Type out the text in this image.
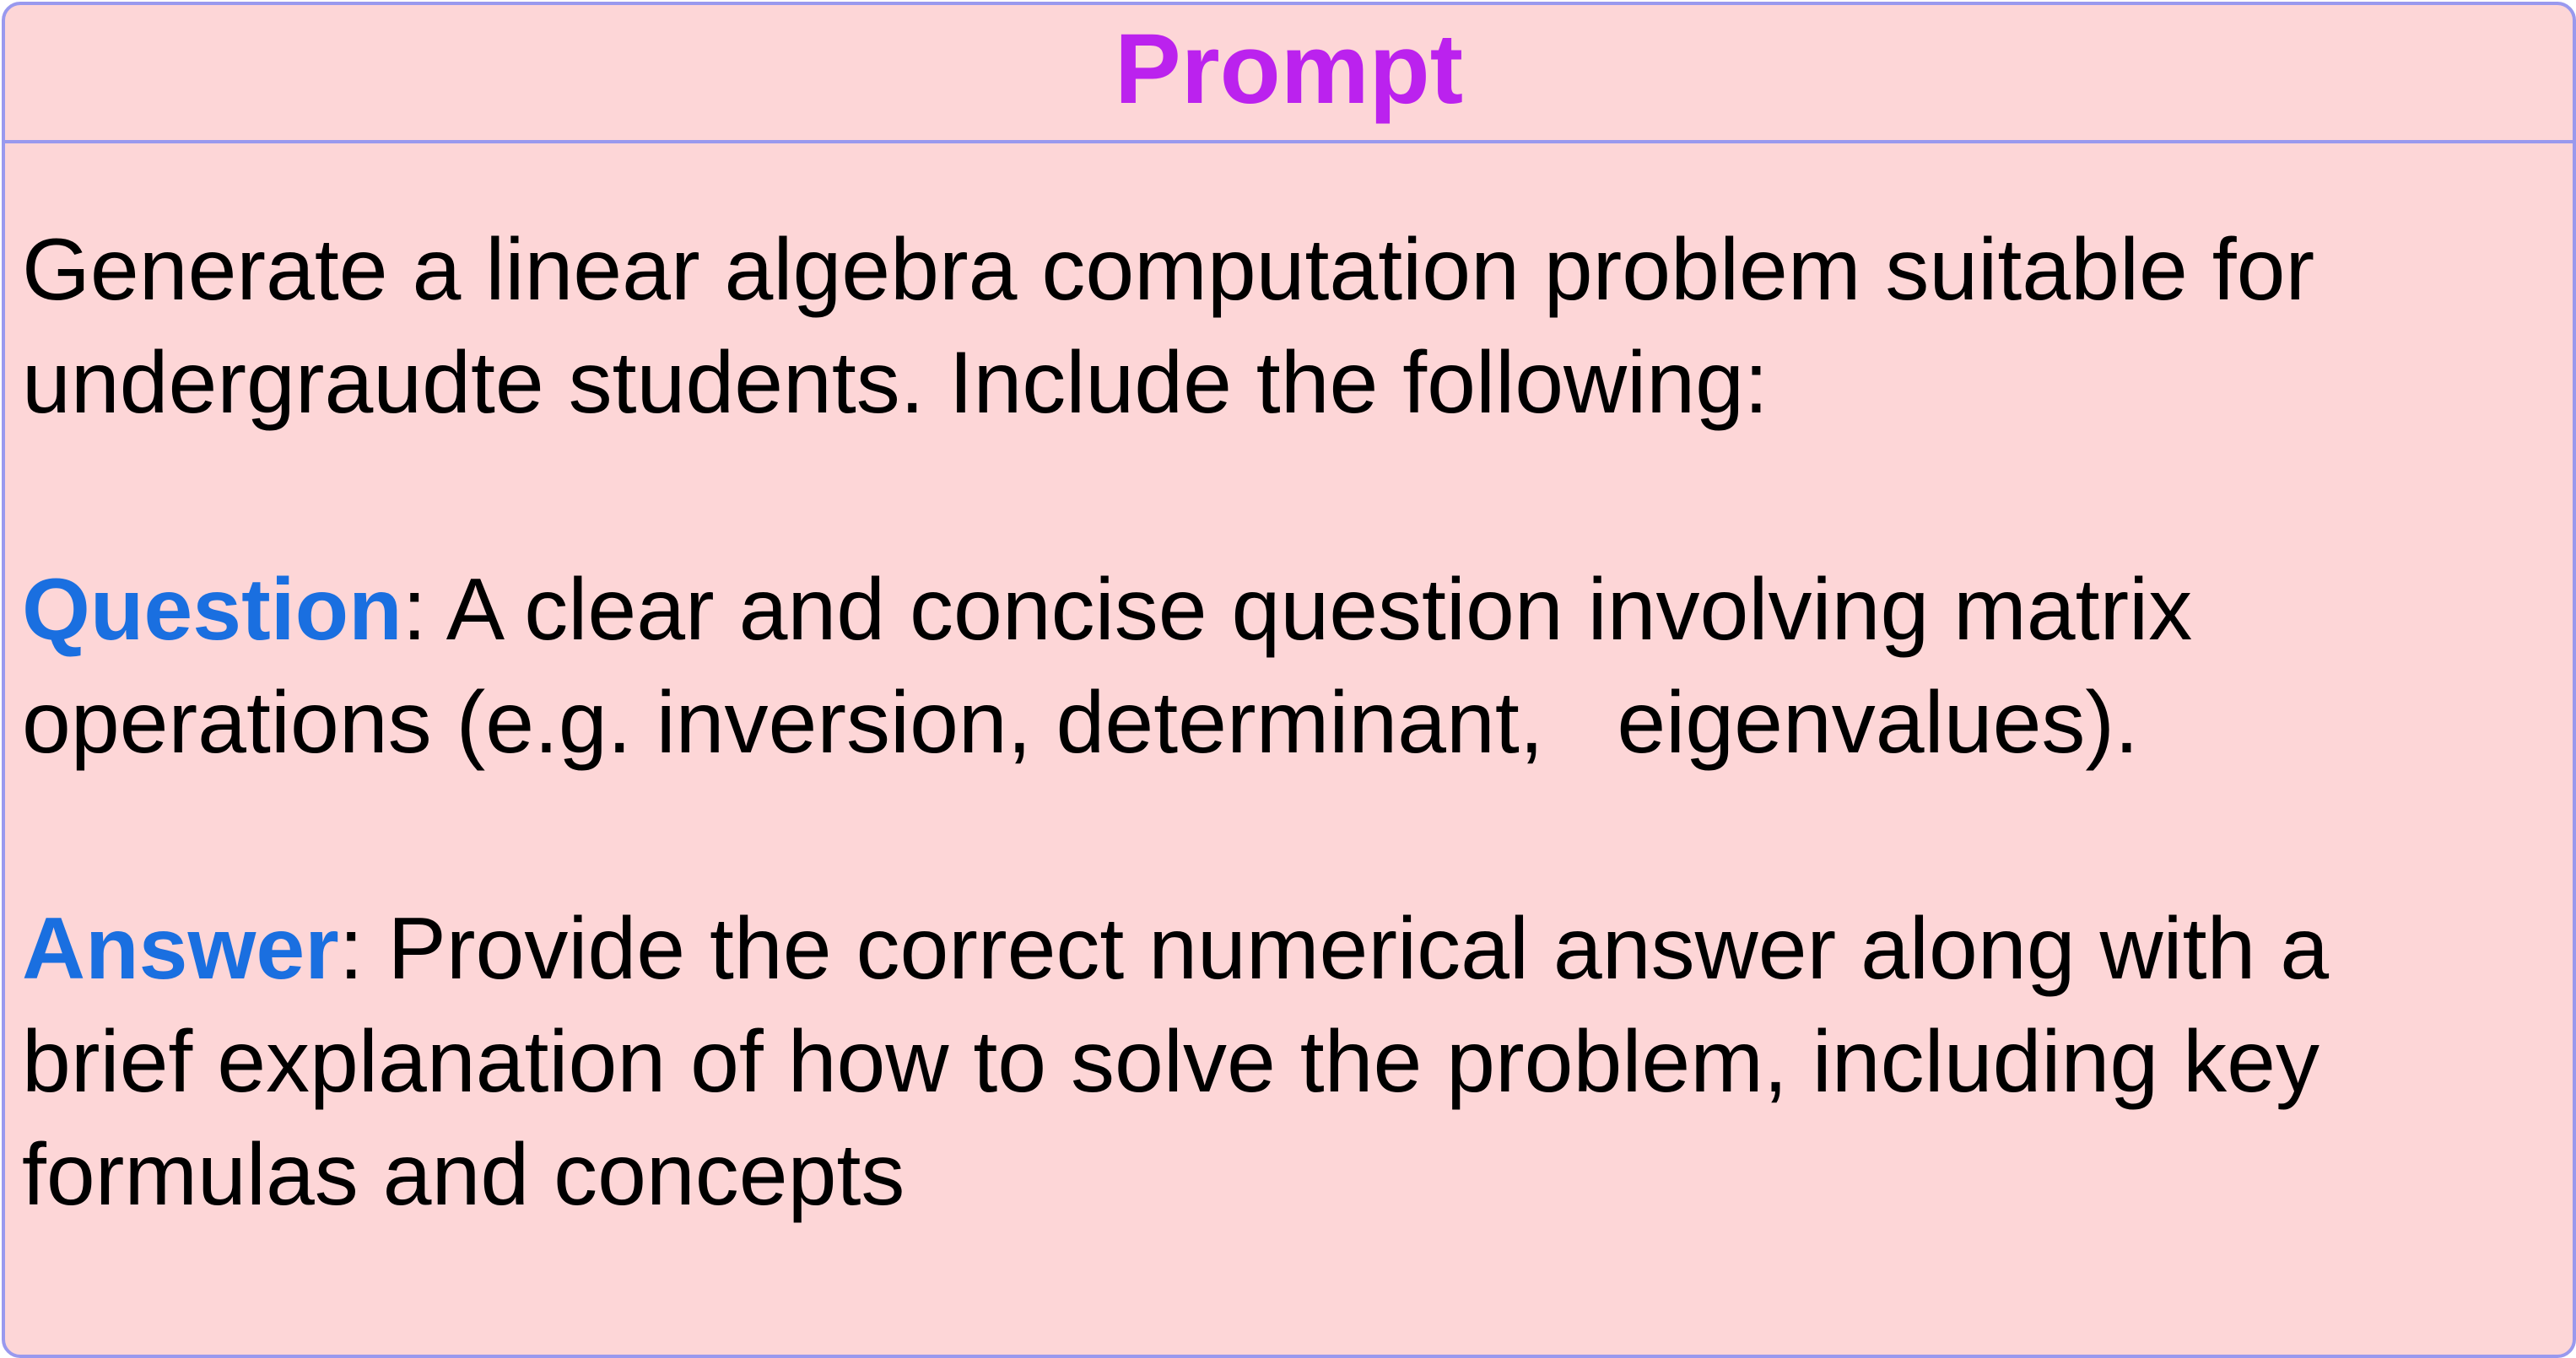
Prompt

Generate a linear algebra computation problem suitable for
undergraudte students. Include the following:

Question: A clear and concise question involving matrix
operations (e.g. inversion, determinant,   eigenvalues).

Answer: Provide the correct numerical answer along with a
brief explanation of how to solve the problem, including key
formulas and concepts
